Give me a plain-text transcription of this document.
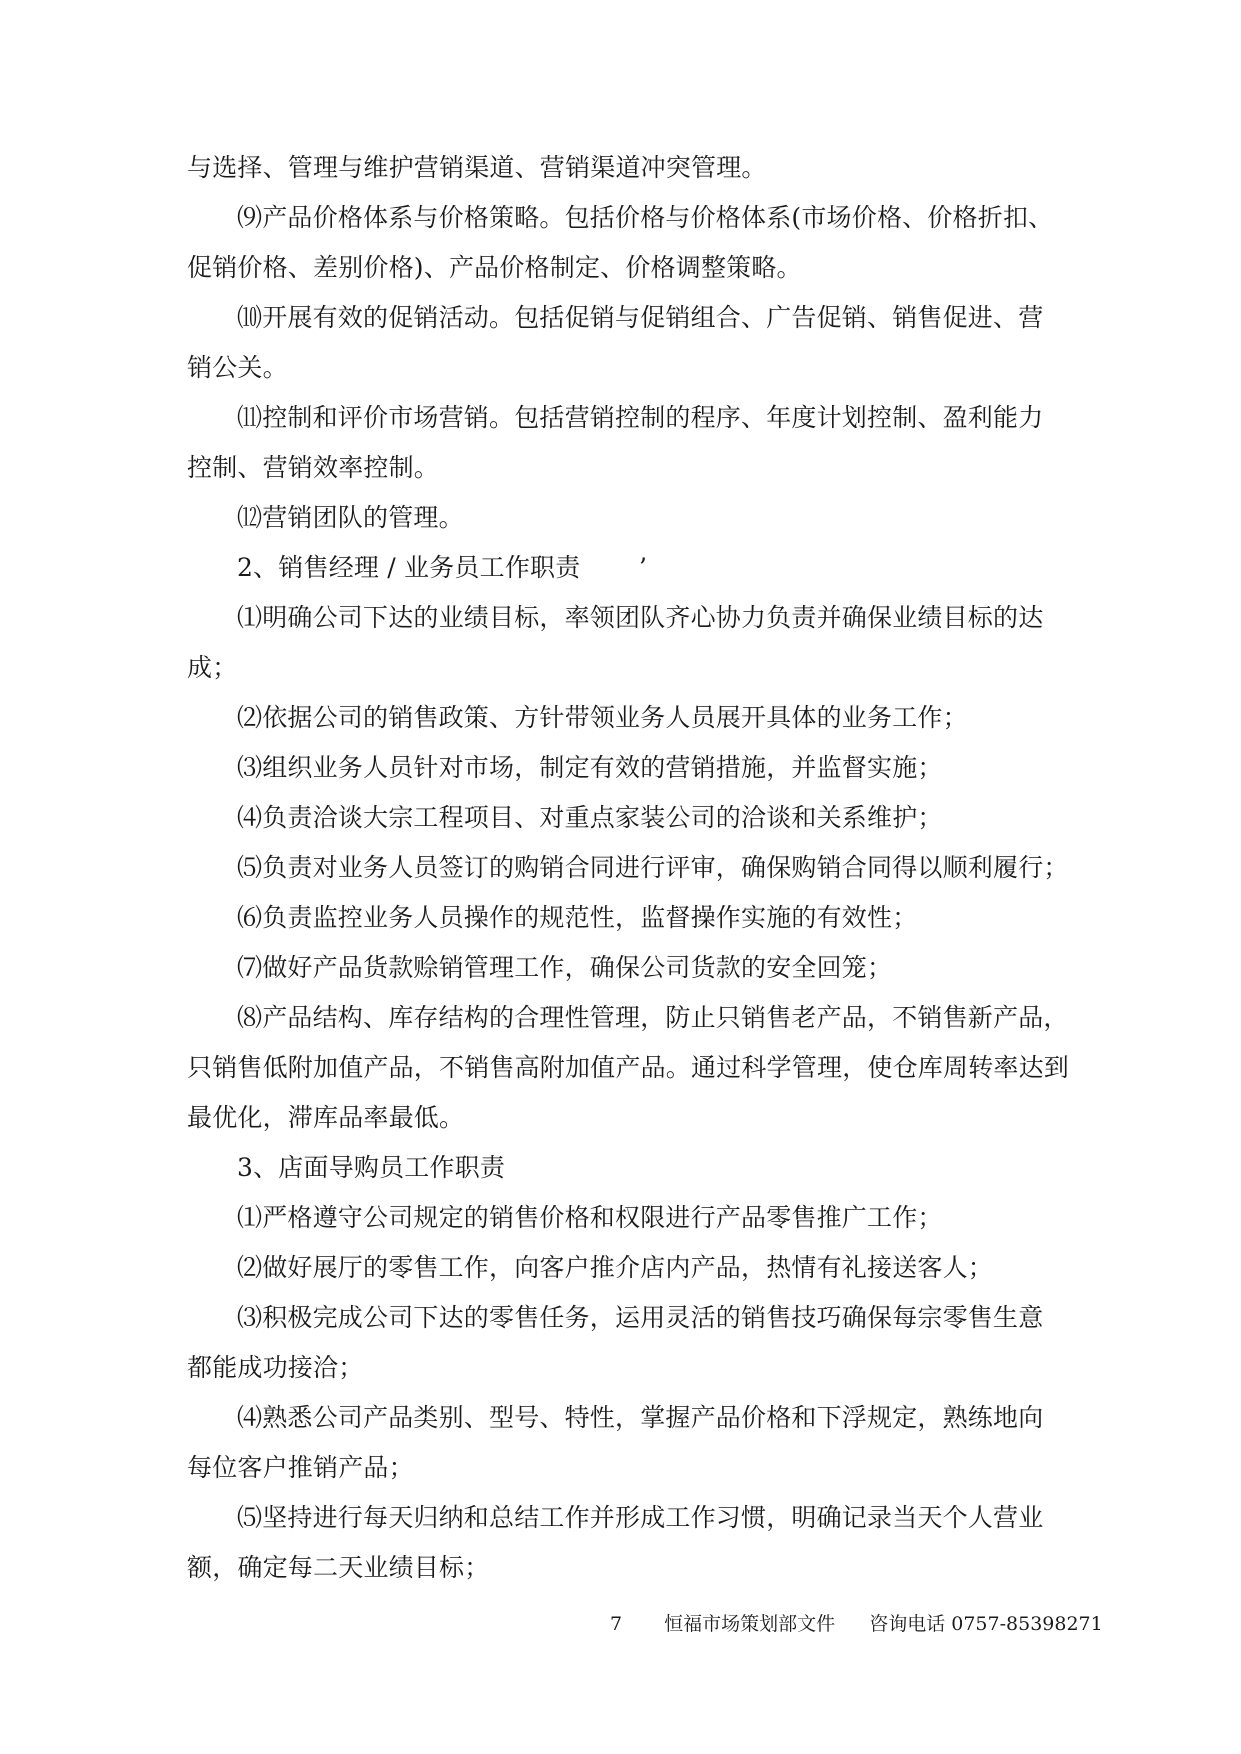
与选择、管理与维护营销渠道、营销渠道冲突管理。

⑼产品价格体系与价格策略。包括价格与价格体系(市场价格、价格折扣、

促销价格、差别价格)、产品价格制定、价格调整策略。

⑽开展有效的促销活动。包括促销与促销组合、广告促销、销售促进、营

销公关。

⑾控制和评价市场营销。包括营销控制的程序、年度计划控制、盈利能力

控制、营销效率控制。

⑿营销团队的管理。

2、销售经理 / 业务员工作职责　　 ’

⑴明确公司下达的业绩目标，率领团队齐心协力负责并确保业绩目标的达

成；

⑵依据公司的销售政策、方针带领业务人员展开具体的业务工作；

⑶组织业务人员针对市场，制定有效的营销措施，并监督实施；

⑷负责洽谈大宗工程项目、对重点家装公司的洽谈和关系维护；

⑸负责对业务人员签订的购销合同进行评审，确保购销合同得以顺利履行；

⑹负责监控业务人员操作的规范性，监督操作实施的有效性；

⑺做好产品货款赊销管理工作，确保公司货款的安全回笼；

⑻产品结构、库存结构的合理性管理，防止只销售老产品，不销售新产品，

只销售低附加值产品，不销售高附加值产品。通过科学管理，使仓库周转率达到

最优化，滞库品率最低。

3、店面导购员工作职责

⑴严格遵守公司规定的销售价格和权限进行产品零售推广工作；

⑵做好展厅的零售工作，向客户推介店内产品，热情有礼接送客人；

⑶积极完成公司下达的零售任务，运用灵活的销售技巧确保每宗零售生意

都能成功接洽；

⑷熟悉公司产品类别、型号、特性，掌握产品价格和下浮规定，熟练地向

每位客户推销产品；

⑸坚持进行每天归纳和总结工作并形成工作习惯，明确记录当天个人营业

额，确定每二天业绩目标；

7 恒福市场策划部文件 咨询电话 0757-85398271
